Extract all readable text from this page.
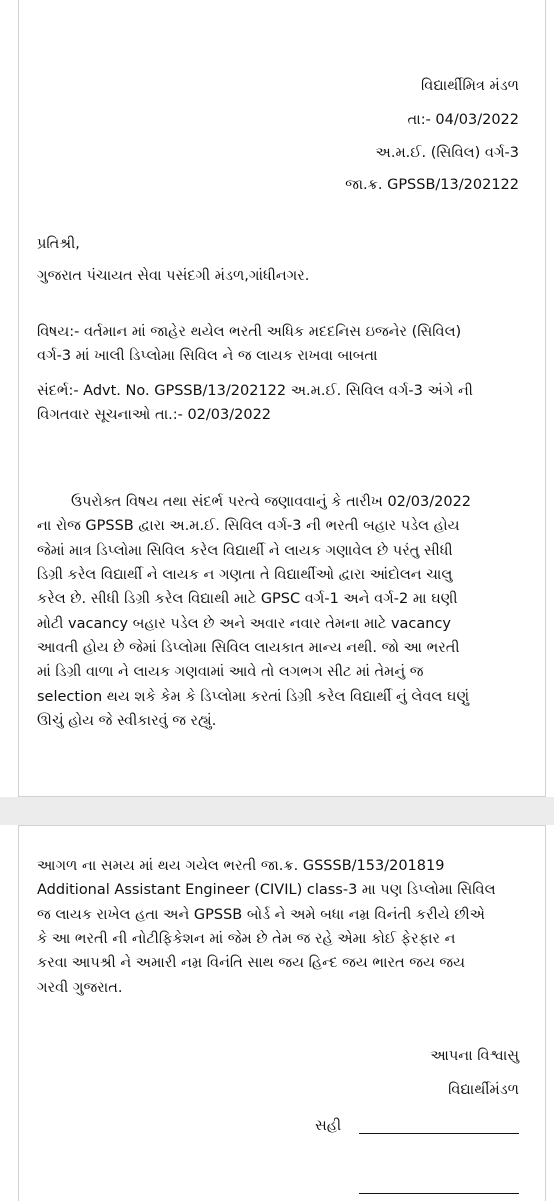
વિદ્યાર્થીમિત્ર મંડળ
તા:- 04/03/2022
અ.મ.ઈ. (સિવિલ) વર્ગ-3
જા.ક્ર. GPSSB/13/202122
પ્રતિશ્રી,
ગુજરાત પંચાયત સેવા પસંદગી મંડળ,ગાંધીનગર.
વિષય:- વર્તમાન માં જાહેર થયેલ ભરતી અધિક મદદનિસ ઇજનેર (સિવિલ)
વર્ગ-3 માં ખાલી ડિપ્લોમા સિવિલ ને જ લાયક રાખવા બાબત।
સંદર્ભ:- Advt. No. GPSSB/13/202122 અ.મ.ઈ. સિવિલ વર્ગ-3 અંગે ની
વિગતવાર સૂચનાઓ તા.:- 02/03/2022
ઉપરોક્ત વિષય તથા સંદર્ભ પરત્વે જણાવવાનું કે તારીખ 02/03/2022
ના રોજ GPSSB દ્વારા અ.મ.ઈ. સિવિલ વર્ગ-3 ની ભરતી બહાર પડેલ હોય
જેમાં માત્ર ડિપ્લોમા સિવિલ કરેલ વિદ્યાર્થી ને લાયક ગણાવેલ છે પરંતુ સીધી
ડિગ્રી કરેલ વિદ્યાર્થી ને લાયક ન ગણતા તે વિદ્યાર્થીઓ દ્વારા આંદોલન ચાલુ
કરેલ છે. સીધી ડિગ્રી કરેલ વિદ્યાથી માટે GPSC વર્ગ-1 અને વર્ગ-2 મા ઘણી
મોટી vacancy બહાર પડેલ છે અને અવાર નવાર તેમના માટે vacancy
આવતી હોય છે જેમાં ડિપ્લોમા સિવિલ લાયકાત માન્ય નથી. જો આ ભરતી
માં ડિગ્રી વાળા ને લાયક ગણવામાં આવે તો લગભગ સીટ માં તેમનું જ
selection થય શકે કેમ કે ડિપ્લોમા કરતાં ડિગ્રી કરેલ વિદ્યાર્થી નું લેવલ ઘણું
ઊચું હોય જે સ્વીકારવું જ રહ્યું.
આગળ ના સમય માં થય ગયેલ ભરતી જા.ક્ર. GSSSB/153/201819
Additional Assistant Engineer (CIVIL) class-3 મા પણ ડિપ્લોમા સિવિલ
જ લાયક રાખેલ હતા અને GPSSB બોર્ડ ને અમે બધા નમ્ર વિનંતી કરીયે છીએ
કે આ ભરતી ની નોટીફિકેશન માં જેમ છે તેમ જ રહે એમા કોઈ ફેરફાર ન
કરવા આપશ્રી ને અમારી નમ્ર વિનંતિ સાથ જય હિન્દ જય ભારત જય જય
ગરવી ગુજરાત.
આપના વિશ્વાસુ
વિદ્યાર્થીમંડળ
સહી
